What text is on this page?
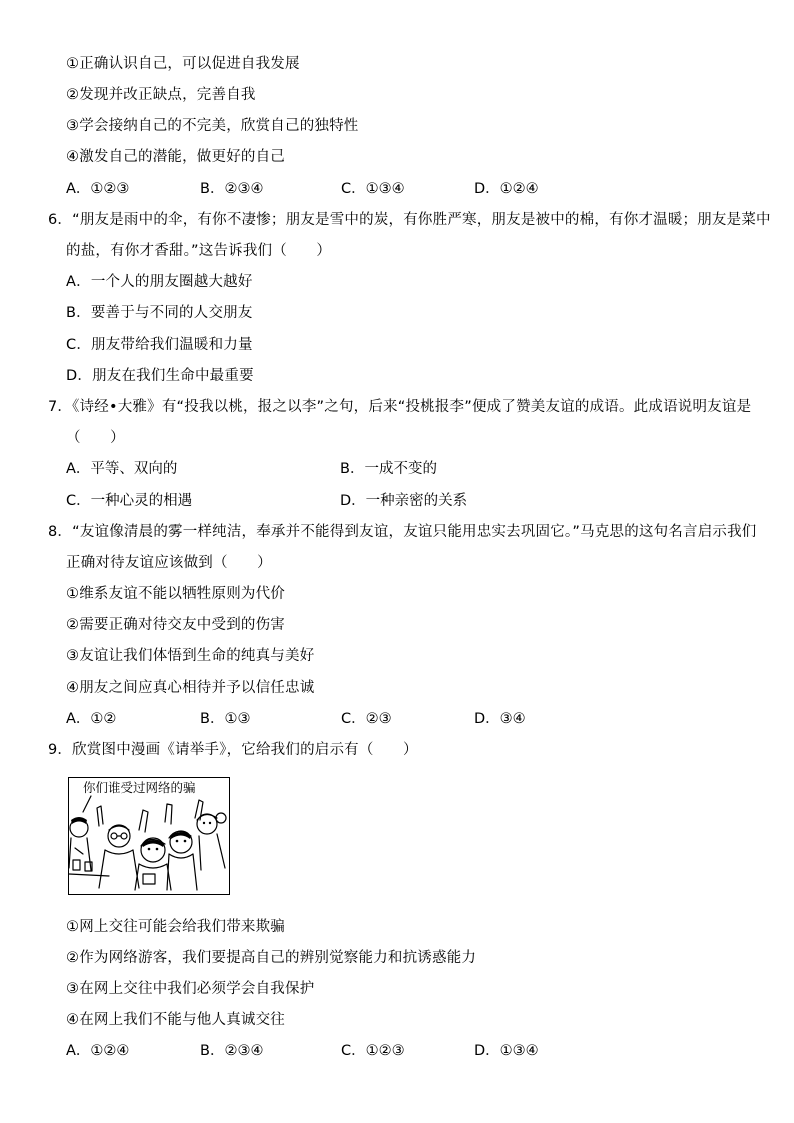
①正确认识自己，可以促进自我发展
②发现并改正缺点，完善自我
③学会接纳自己的不完美，欣赏自己的独特性
④激发自己的潜能，做更好的自己
A．①②③	B．②③④	C．①③④	D．①②④
6．“朋友是雨中的伞，有你不凄惨；朋友是雪中的炭，有你胜严寒，朋友是被中的棉，有你才温暖；朋友是菜中
的盐，有你才香甜。”这告诉我们（　　）
A．一个人的朋友圈越大越好
B．要善于与不同的人交朋友
C．朋友带给我们温暖和力量
D．朋友在我们生命中最重要
7．《诗经•大雅》有“投我以桃，报之以李”之句，后来“投桃报李”便成了赞美友谊的成语。此成语说明友谊是
（　　）
A．平等、双向的	B．一成不变的
C．一种心灵的相遇	D．一种亲密的关系
8．“友谊像清晨的雾一样纯洁，奉承并不能得到友谊，友谊只能用忠实去巩固它。”马克思的这句名言启示我们
正确对待友谊应该做到（　　）
①维系友谊不能以牺牲原则为代价
②需要正确对待交友中受到的伤害
③友谊让我们体悟到生命的纯真与美好
④朋友之间应真心相待并予以信任忠诚
A．①②	B．①③	C．②③	D．③④
9．欣赏图中漫画《请举手》，它给我们的启示有（　　）
你们谁受过网络的骗
①网上交往可能会给我们带来欺骗
②作为网络游客，我们要提高自己的辨别觉察能力和抗诱惑能力
③在网上交往中我们必须学会自我保护
④在网上我们不能与他人真诚交往
A．①②④	B．②③④	C．①②③	D．①③④
